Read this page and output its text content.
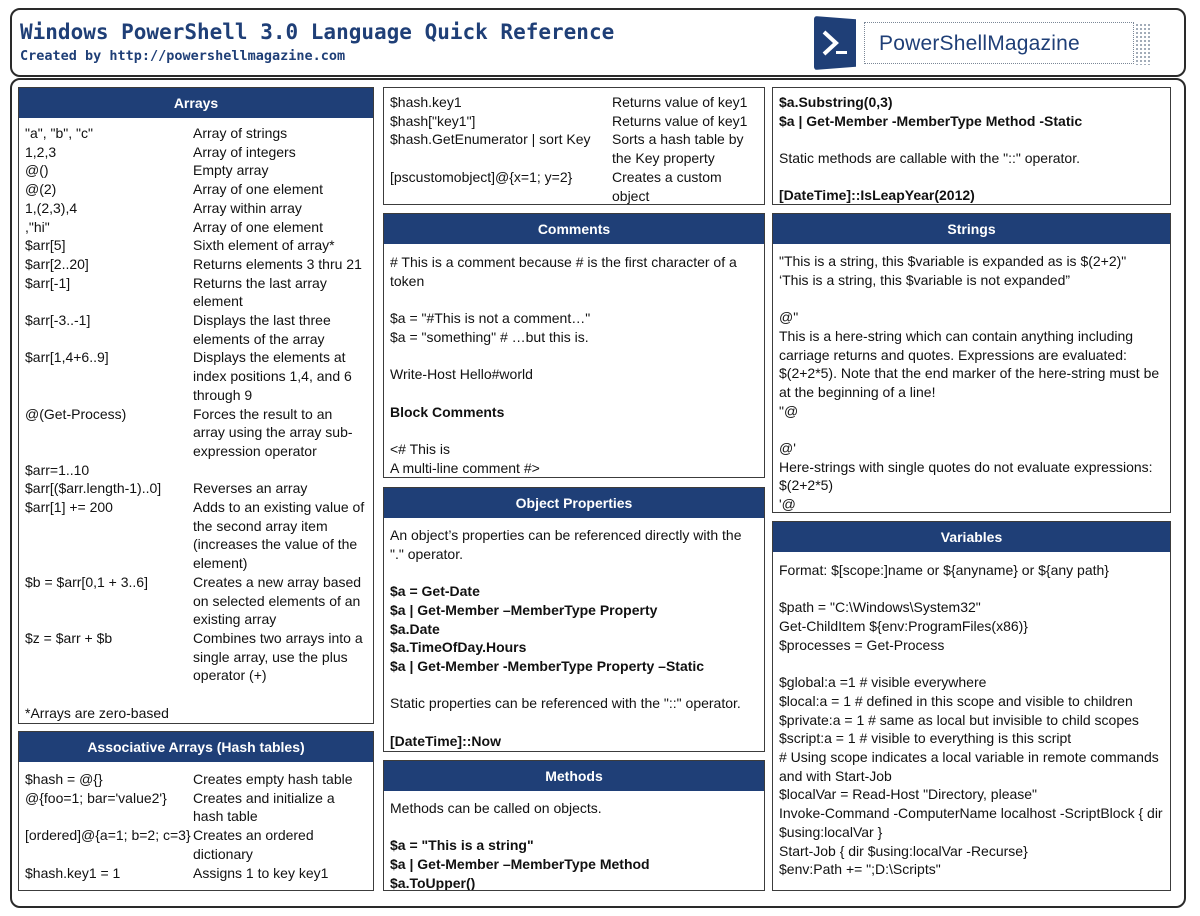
Windows PowerShell 3.0 Language Quick Reference
Created by http://powershellmagazine.com
PowerShellMagazine
Arrays
"a", "b", "c"	Array of strings
1,2,3	Array of integers
@()	Empty array
@(2)	Array of one element
1,(2,3),4	Array within array
,"hi"	Array of one element
$arr[5]	Sixth element of array*
$arr[2..20]	Returns elements 3 thru 21
$arr[-1]	Returns the last array element
$arr[-3..-1]	Displays the last three elements of the array
$arr[1,4+6..9]	Displays the elements at index positions 1,4, and 6 through 9
@(Get-Process)	Forces the result to an array using the array sub-expression operator
$arr=1..10
$arr[($arr.length-1)..0]	Reverses an array
$arr[1] += 200	Adds to an existing value of the second array item (increases the value of the element)
$b = $arr[0,1 + 3..6]	Creates a new array based on selected elements of an existing array
$z = $arr + $b	Combines two arrays into a single array, use the plus operator (+)
*Arrays are zero-based
Associative Arrays (Hash tables)
$hash = @{}	Creates empty hash table
@{foo=1; bar='value2'}	Creates and initialize a hash table
[ordered]@{a=1; b=2; c=3} Creates an ordered dictionary
$hash.key1 = 1	Assigns 1 to key key1
$hash.key1	Returns value of key1
$hash["key1"]	Returns value of key1
$hash.GetEnumerator | sort Key	Sorts a hash table by the Key property
[pscustomobject]@{x=1; y=2}	Creates a custom object
Comments
# This is a comment because # is the first character of a token
$a = "#This is not a comment…"
$a = "something" # …but this is.
Write-Host Hello#world
Block Comments
<# This is
A multi-line comment #>
Object Properties
An object’s properties can be referenced directly with the "." operator.
$a = Get-Date
$a | Get-Member –MemberType Property
$a.Date
$a.TimeOfDay.Hours
$a | Get-Member -MemberType Property –Static
Static properties can be referenced with the "::" operator.
[DateTime]::Now
Methods
Methods can be called on objects.
$a = "This is a string"
$a | Get-Member –MemberType Method
$a.ToUpper()
$a.Substring(0,3)
$a | Get-Member -MemberType Method -Static
Static methods are callable with the "::" operator.
[DateTime]::IsLeapYear(2012)
Strings
"This is a string, this $variable is expanded as is $(2+2)"
‘This is a string, this $variable is not expanded”
@"
This is a here-string which can contain anything including carriage returns and quotes. Expressions are evaluated: $(2+2*5). Note that the end marker of the here-string must be at the beginning of a line!
"@
@'
Here-strings with single quotes do not evaluate expressions:
$(2+2*5)
'@
Variables
Format: $[scope:]name or ${anyname} or ${any path}
$path = "C:\Windows\System32"
Get-ChildItem ${env:ProgramFiles(x86)}
$processes = Get-Process
$global:a =1 # visible everywhere
$local:a = 1 # defined in this scope and visible to children
$private:a = 1 # same as local but invisible to child scopes
$script:a = 1 # visible to everything is this script
# Using scope indicates a local variable in remote commands and with Start-Job
$localVar = Read-Host "Directory, please"
Invoke-Command -ComputerName localhost -ScriptBlock { dir $using:localVar }
Start-Job { dir $using:localVar -Recurse}
$env:Path += ";D:\Scripts"
